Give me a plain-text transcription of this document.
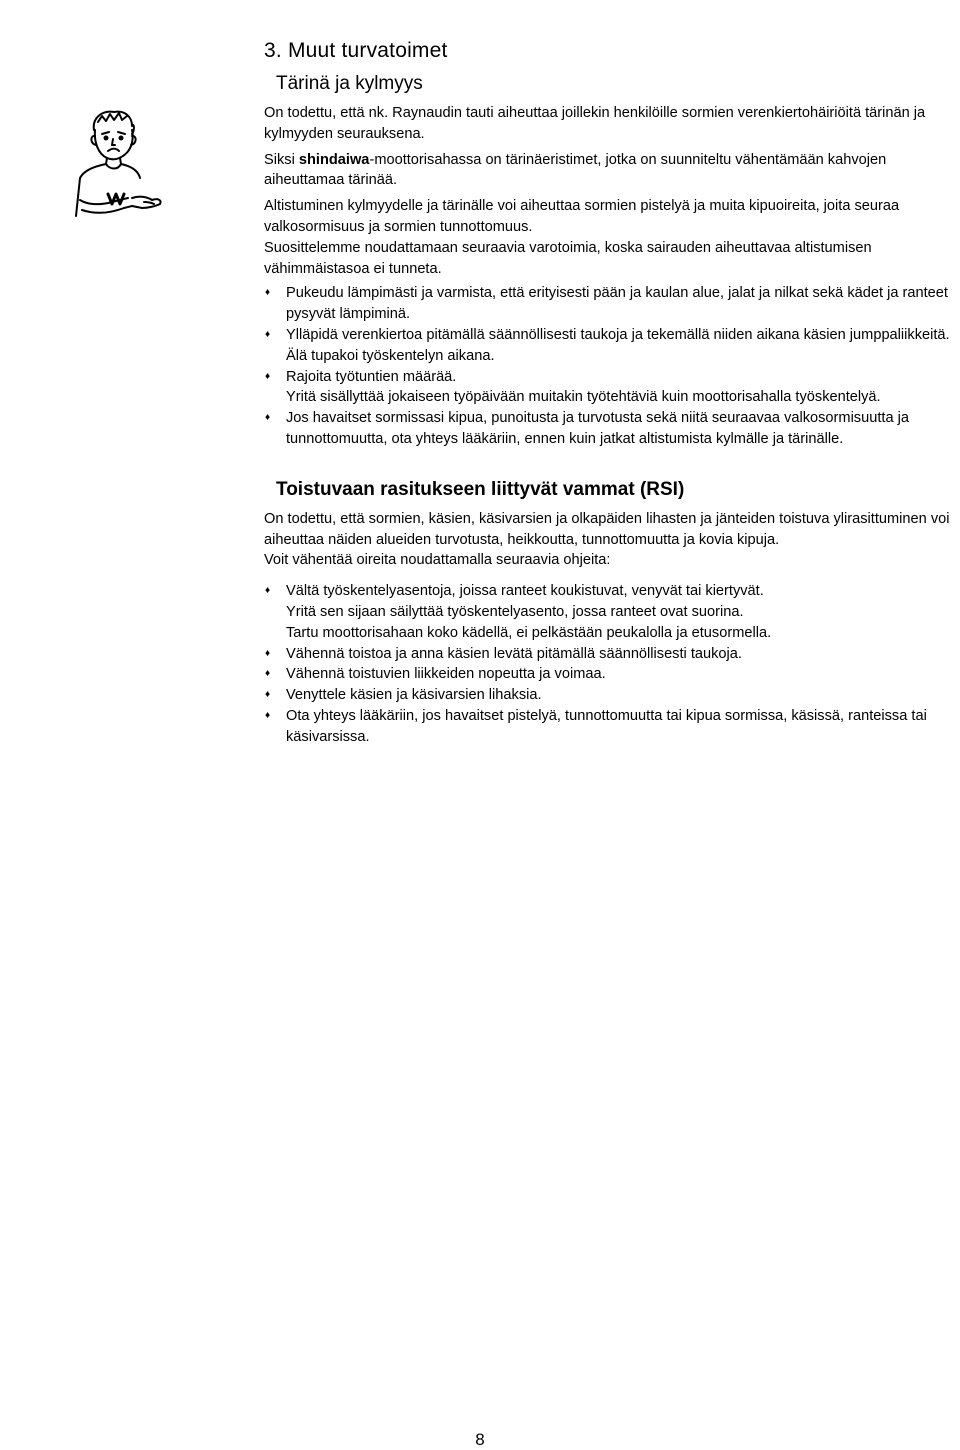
3. Muut turvatoimet
Tärinä ja kylmyys

On todettu, että nk. Raynaudin tauti aiheuttaa joillekin henkilöille sormien verenkiertohäiriöitä tärinän ja kylmyyden seurauksena.

Siksi shindaiwa-moottorisahassa on tärinäeristimet, jotka on suunniteltu vähentämään kahvojen aiheuttamaa tärinää.

Altistuminen kylmyydelle ja tärinälle voi aiheuttaa sormien pistelyä ja muita kipuoireita, joita seuraa valkosormisuus ja sormien tunnottomuus.

Suosittelemme noudattamaan seuraavia varotoimia, koska sairauden aiheuttavaa altistumisen vähimmäistasoa ei tunneta.

♦ Pukeudu lämpimästi ja varmista, että erityisesti pään ja kaulan alue, jalat ja nilkat sekä kädet ja ranteet pysyvät lämpiminä.
♦ Ylläpidä verenkiertoa pitämällä säännöllisesti taukoja ja tekemällä niiden aikana käsien jumppaliikkeitä.
Älä tupakoi työskentelyn aikana.
♦ Rajoita työtuntien määrää.
Yritä sisällyttää jokaiseen työpäivään muitakin työtehtäviä kuin moottorisahalla työskentelyä.
♦ Jos havaitset sormissasi kipua, punoitusta ja turvotusta sekä niitä seuraavaa valkosormisuutta ja tunnottomuutta, ota yhteys lääkäriin, ennen kuin jatkat altistumista kylmälle ja tärinälle.
Toistuvaan rasitukseen liittyvät vammat (RSI)

On todettu, että sormien, käsien, käsivarsien ja olkapäiden lihasten ja jänteiden toistuva ylirasittuminen voi aiheuttaa näiden alueiden turvotusta, heikkoutta, tunnottomuutta ja kovia kipuja.

Voit vähentää oireita noudattamalla seuraavia ohjeita:

♦ Vältä työskentelyasentoja, joissa ranteet koukistuvat, venyvät tai kiertyvät.
Yritä sen sijaan säilyttää työskentelyasento, jossa ranteet ovat suorina.
Tartu moottorisahaan koko kädellä, ei pelkästään peukalolla ja etusormella.
♦ Vähennä toistoa ja anna käsien levätä pitämällä säännöllisesti taukoja.
♦ Vähennä toistuvien liikkeiden nopeutta ja voimaa.
♦ Venyttele käsien ja käsivarsien lihaksia.
♦ Ota yhteys lääkäriin, jos havaitset pistelyä, tunnottomuutta tai kipua sormissa, käsissä, ranteissa tai käsivarsissa.
8
